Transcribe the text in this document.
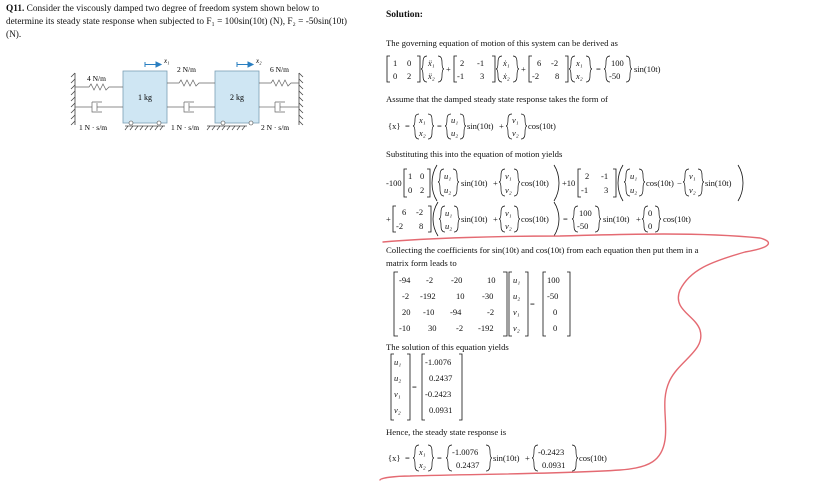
Q11. Consider the viscously damped two degree of freedom system shown below to
determine its steady state response when subjected to F₁ = 100sin(10t) (N), F₂ = -50sin(10t)
(N).
1 kg	2 kg
x₁	x₂
4 N/m
2 N/m	6 N/m
1 N · s/m	1 N · s/m	2 N · s/m
Solution:
The governing equation of motion of this system can be derived as
Assume that the damped steady state response takes the form of
Substituting this into the equation of motion yields
Collecting the coefficients for sin(10t) and cos(10t) from each equation then put them in a
matrix form leads to
The solution of this equation yields
Hence, the steady state response is
1 0
0 2
ẍ₁
ẍ₂
+
2 -1
-1 3
ẋ₁
ẋ₂
+
6 -2
-2 8
x₁
x₂
=
100
-50
sin(10t)
{x} =
x₁
x₂
=
u₁
u₂
sin(10t) +
v₁
v₂
cos(10t)
-100
1 0
0 2
u₁
u₂
sin(10t) +
v₁
v₂
cos(10t) +10
2 -1
-1 3
u₁
u₂
cos(10t) −
v₁
v₂
sin(10t)
+
6 -2
-2 8
u₁
u₂
sin(10t) +
v₁
v₂
cos(10t) =
100
-50
sin(10t) +
0
0
cos(10t)
-94 -2 -20	10
-2 -192 10 -30
20 -10 -94	-2
-10 30 -2 -192
u₁
u₂
v₁
v₂
=
100
-50
0
0
u₁
u₂
v₁
v₂
=
-1.0076
0.2437
-0.2423
0.0931
{x} =
x₁
x₂
=
-1.0076
0.2437
sin(10t) +
-0.2423
0.0931
cos(10t)
